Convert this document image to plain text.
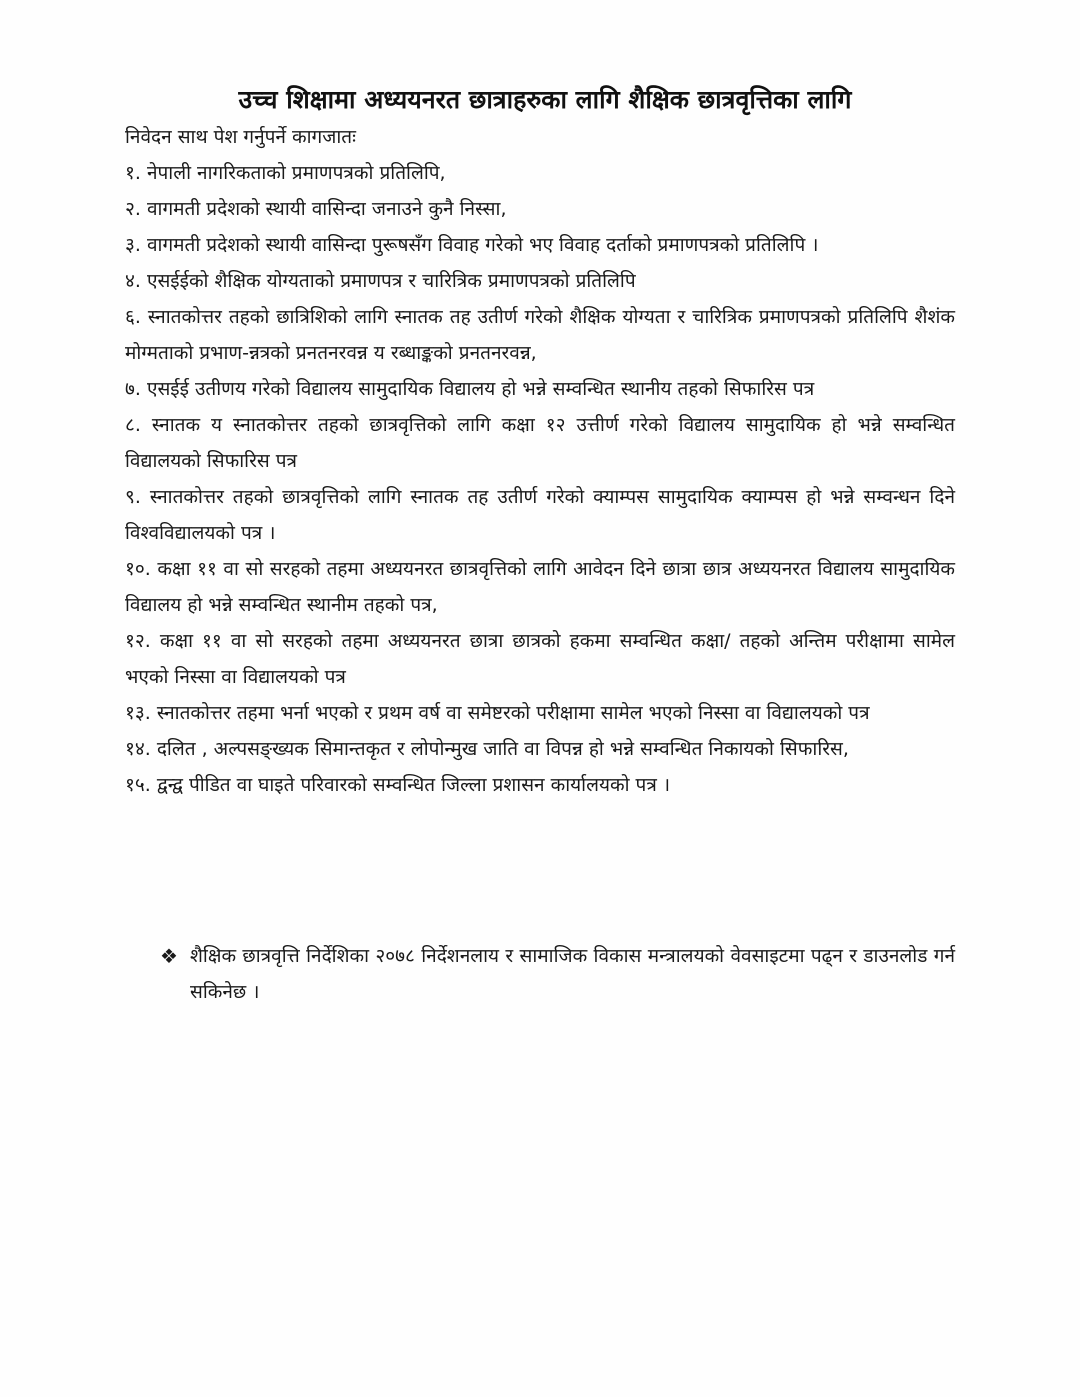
उच्च शिक्षामा अध्ययनरत छात्राहरुका लागि शैक्षिक छात्रवृत्तिका लागि
निवेदन साथ पेश गर्नुपर्ने कागजातः
१. नेपाली नागरिकताको प्रमाणपत्रको प्रतिलिपि,
२. वागमती प्रदेशको स्थायी वासिन्दा जनाउने कुनै निस्सा,
३. वागमती प्रदेशको स्थायी वासिन्दा पुरूषसँग विवाह गरेको भए विवाह दर्ताको प्रमाणपत्रको प्रतिलिपि ।
४. एसईईको शैक्षिक योग्यताको प्रमाणपत्र र चारित्रिक प्रमाणपत्रको प्रतिलिपि
६. स्नातकोत्तर तहको छात्रिशिको लागि स्नातक तह उतीर्ण गरेको शैक्षिक योग्यता र चारित्रिक प्रमाणपत्रको प्रतिलिपि शैशंक मोग्मताको प्रभाण-न्नत्रको प्रनतनरवन्न य रब्धाङ्कको प्रनतनरवन्न,
७. एसईई उतीणय गरेको विद्यालय सामुदायिक विद्यालय हो भन्ने सम्वन्धित स्थानीय तहको सिफारिस पत्र
८. स्नातक य स्नातकोत्तर तहको छात्रवृत्तिको लागि कक्षा १२ उत्तीर्ण गरेको विद्यालय सामुदायिक हो भन्ने सम्वन्धित विद्यालयको सिफारिस पत्र
९. स्नातकोत्तर तहको छात्रवृत्तिको लागि स्नातक तह उतीर्ण गरेको क्याम्पस सामुदायिक क्याम्पस हो भन्ने सम्वन्धन दिने विश्वविद्यालयको पत्र ।
१०. कक्षा ११ वा सो सरहको तहमा अध्ययनरत छात्रवृत्तिको लागि आवेदन दिने छात्रा छात्र अध्ययनरत विद्यालय सामुदायिक विद्यालय हो भन्ने सम्वन्धित स्थानीम तहको पत्र,
१२. कक्षा ११ वा सो सरहको तहमा अध्ययनरत छात्रा छात्रको हकमा सम्वन्धित कक्षा/ तहको अन्तिम परीक्षामा सामेल भएको निस्सा वा विद्यालयको पत्र
१३. स्नातकोत्तर तहमा भर्ना भएको र प्रथम वर्ष वा समेष्टरको परीक्षामा सामेल भएको निस्सा वा विद्यालयको पत्र
१४. दलित , अल्पसङ्ख्यक सिमान्तकृत र लोपोन्मुख जाति वा विपन्न हो भन्ने सम्वन्धित निकायको सिफारिस,
१५. द्वन्द्व पीडित वा घाइते परिवारको सम्वन्धित जिल्ला प्रशासन कार्यालयको पत्र ।
❖ शैक्षिक छात्रवृत्ति निर्देशिका २०७८ निर्देशनलाय र सामाजिक विकास मन्त्रालयको वेवसाइटमा पढ्न र डाउनलोड गर्न सकिनेछ ।
